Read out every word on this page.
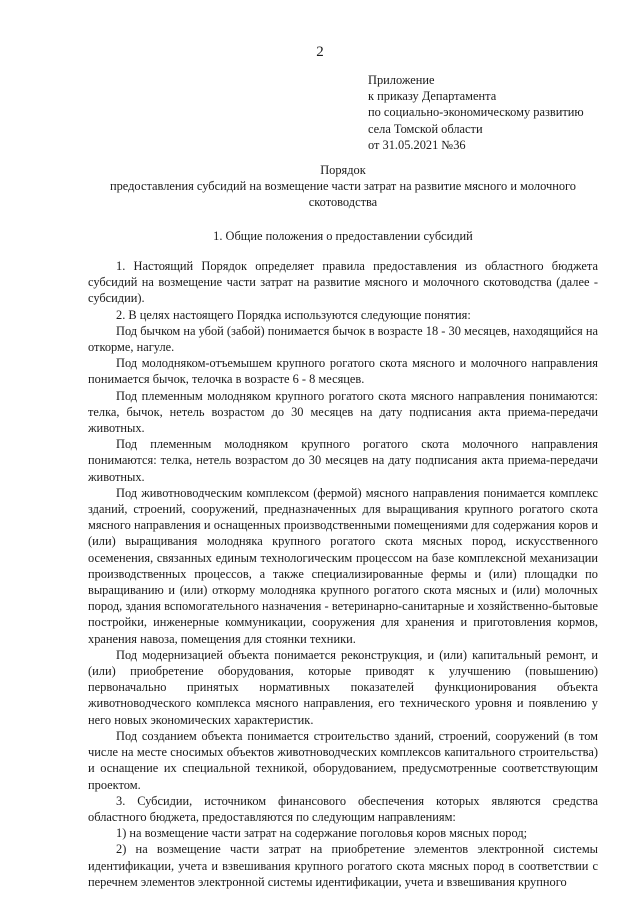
2
Приложение
к приказу Департамента
по социально-экономическому развитию
села Томской области
от 31.05.2021 №36
Порядок
предоставления субсидий на возмещение части затрат на развитие мясного и молочного скотоводства
1. Общие положения о предоставлении субсидий

1. Настоящий Порядок определяет правила предоставления из областного бюджета субсидий на возмещение части затрат на развитие мясного и молочного скотоводства (далее - субсидии).

2. В целях настоящего Порядка используются следующие понятия:

Под бычком на убой (забой) понимается бычок в возрасте 18 - 30 месяцев, находящийся на откорме, нагуле.

Под молодняком-отъемышем крупного рогатого скота мясного и молочного направления понимается бычок, телочка в возрасте 6 - 8 месяцев.

Под племенным молодняком крупного рогатого скота мясного направления понимаются: телка, бычок, нетель возрастом до 30 месяцев на дату подписания акта приема-передачи животных.

Под племенным молодняком крупного рогатого скота молочного направления понимаются: телка, нетель возрастом до 30 месяцев на дату подписания акта приема-передачи животных.

Под животноводческим комплексом (фермой) мясного направления понимается комплекс зданий, строений, сооружений, предназначенных для выращивания крупного рогатого скота мясного направления и оснащенных производственными помещениями для содержания коров и (или) выращивания молодняка крупного рогатого скота мясных пород, искусственного осеменения, связанных единым технологическим процессом на базе комплексной механизации производственных процессов, а также специализированные фермы и (или) площадки по выращиванию и (или) откорму молодняка крупного рогатого скота мясных и (или) молочных пород, здания вспомогательного назначения - ветеринарно-санитарные и хозяйственно-бытовые постройки, инженерные коммуникации, сооружения для хранения и приготовления кормов, хранения навоза, помещения для стоянки техники.

Под модернизацией объекта понимается реконструкция, и (или) капитальный ремонт, и (или) приобретение оборудования, которые приводят к улучшению (повышению) первоначально принятых нормативных показателей функционирования объекта животноводческого комплекса мясного направления, его технического уровня и появлению у него новых экономических характеристик.

Под созданием объекта понимается строительство зданий, строений, сооружений (в том числе на месте сносимых объектов животноводческих комплексов капитального строительства) и оснащение их специальной техникой, оборудованием, предусмотренные соответствующим проектом.

3. Субсидии, источником финансового обеспечения которых являются средства областного бюджета, предоставляются по следующим направлениям:

1) на возмещение части затрат на содержание поголовья коров мясных пород;

2) на возмещение части затрат на приобретение элементов электронной системы идентификации, учета и взвешивания крупного рогатого скота мясных пород в соответствии с перечнем элементов электронной системы идентификации, учета и взвешивания крупного
